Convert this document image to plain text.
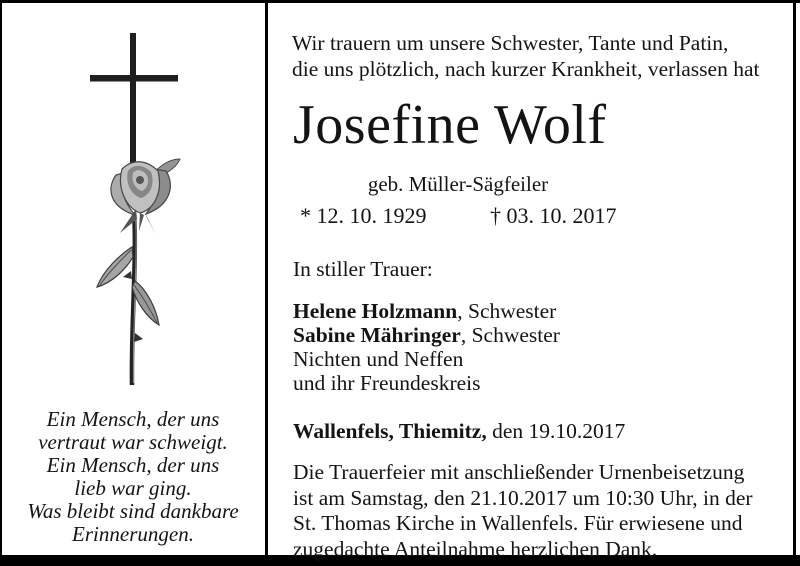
Ein Mensch, der uns
vertraut war schweigt.
Ein Mensch, der uns
lieb war ging.
Was bleibt sind dankbare
Erinnerungen.
Wir trauern um unsere Schwester, Tante und Patin,
die uns plötzlich, nach kurzer Krankheit, verlassen hat
Josefine Wolf
geb. Müller-Sägfeiler
* 12. 10. 1929	† 03. 10. 2017
In stiller Trauer:
Helene Holzmann, Schwester
Sabine Mähringer, Schwester
Nichten und Neffen
und ihr Freundeskreis
Wallenfels, Thiemitz, den 19.10.2017
Die Trauerfeier mit anschließender Urnenbeisetzung
ist am Samstag, den 21.10.2017 um 10:30 Uhr, in der
St. Thomas Kirche in Wallenfels. Für erwiesene und
zugedachte Anteilnahme herzlichen Dank.
